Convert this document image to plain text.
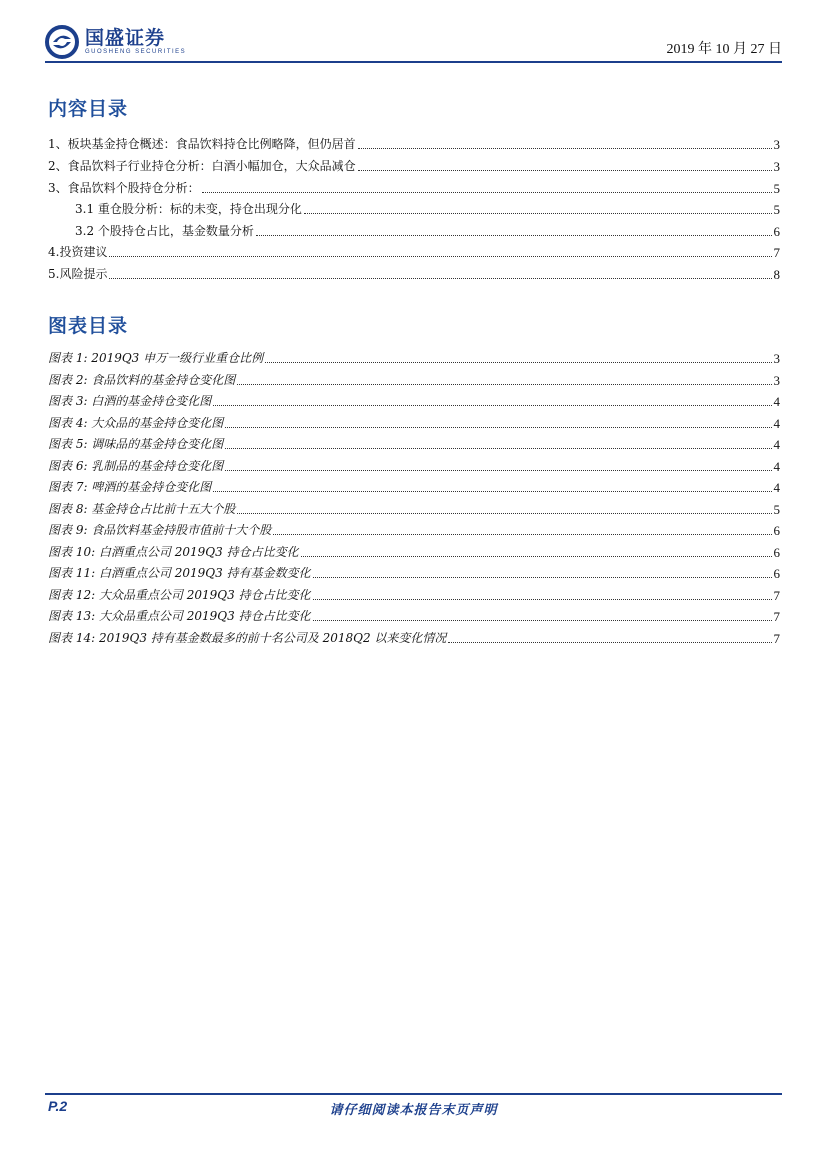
国盛证券
GUOSHENG SECURITIES	2019 年 10 月 27 日
内容目录
1、板块基金持仓概述：食品饮料持仓比例略降，但仍居首	3
2、食品饮料子行业持仓分析：白酒小幅加仓，大众品减仓	3
3、食品饮料个股持仓分析：	5
3.1 重仓股分析：标的未变，持仓出现分化	5
3.2 个股持仓占比，基金数量分析	6
4.投资建议	7
5.风险提示	8
图表目录
图表 1: 2019Q3 申万一级行业重仓比例	3
图表 2: 食品饮料的基金持仓变化图	3
图表 3: 白酒的基金持仓变化图	4
图表 4: 大众品的基金持仓变化图	4
图表 5: 调味品的基金持仓变化图	4
图表 6: 乳制品的基金持仓变化图	4
图表 7: 啤酒的基金持仓变化图	4
图表 8: 基金持仓占比前十五大个股	5
图表 9: 食品饮料基金持股市值前十大个股	6
图表 10: 白酒重点公司 2019Q3 持仓占比变化	6
图表 11: 白酒重点公司 2019Q3 持有基金数变化	6
图表 12: 大众品重点公司 2019Q3 持仓占比变化	7
图表 13: 大众品重点公司 2019Q3 持仓占比变化	7
图表 14: 2019Q3 持有基金数最多的前十名公司及 2018Q2 以来变化情况	7
P.2	请仔细阅读本报告末页声明
